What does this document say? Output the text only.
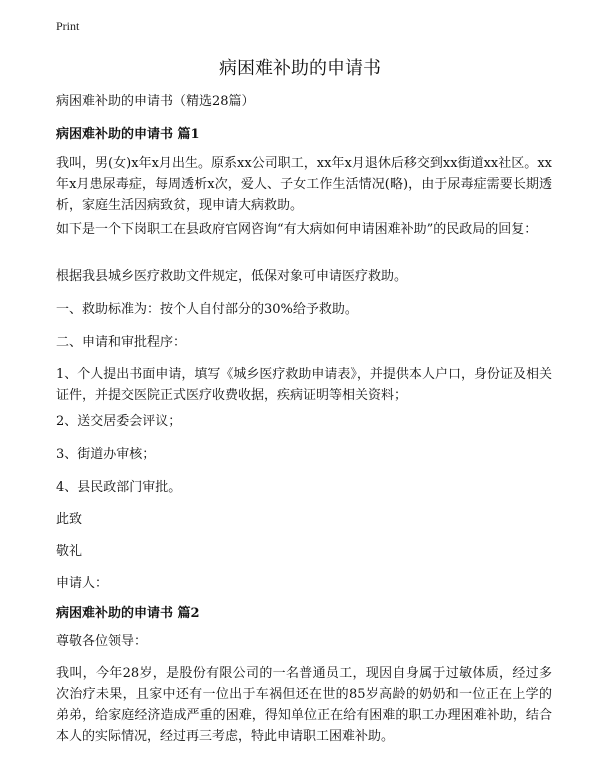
Print
病困难补助的申请书
病困难补助的申请书（精选28篇）
病困难补助的申请书 篇1
我叫，男(女)x年x月出生。原系xx公司职工，xx年x月退休后移交到xx街道xx社区。xx年x月患尿毒症，每周透析x次，爱人、子女工作生活情况(略)，由于尿毒症需要长期透析，家庭生活因病致贫，现申请大病救助。
如下是一个下岗职工在县政府官网咨询“有大病如何申请困难补助”的民政局的回复：
根据我县城乡医疗救助文件规定，低保对象可申请医疗救助。
一、救助标准为：按个人自付部分的30%给予救助。
二、申请和审批程序：
1、个人提出书面申请，填写《城乡医疗救助申请表》，并提供本人户口，身份证及相关证件，并提交医院正式医疗收费收据，疾病证明等相关资料；
2、送交居委会评议；
3、街道办审核；
4、县民政部门审批。
此致
敬礼
申请人：
病困难补助的申请书 篇2
尊敬各位领导：
我叫，今年28岁，是股份有限公司的一名普通员工，现因自身属于过敏体质，经过多次治疗未果，且家中还有一位出于车祸但还在世的85岁高龄的奶奶和一位正在上学的弟弟，给家庭经济造成严重的困难，得知单位正在给有困难的职工办理困难补助，结合本人的实际情况，经过再三考虑，特此申请职工困难补助。
